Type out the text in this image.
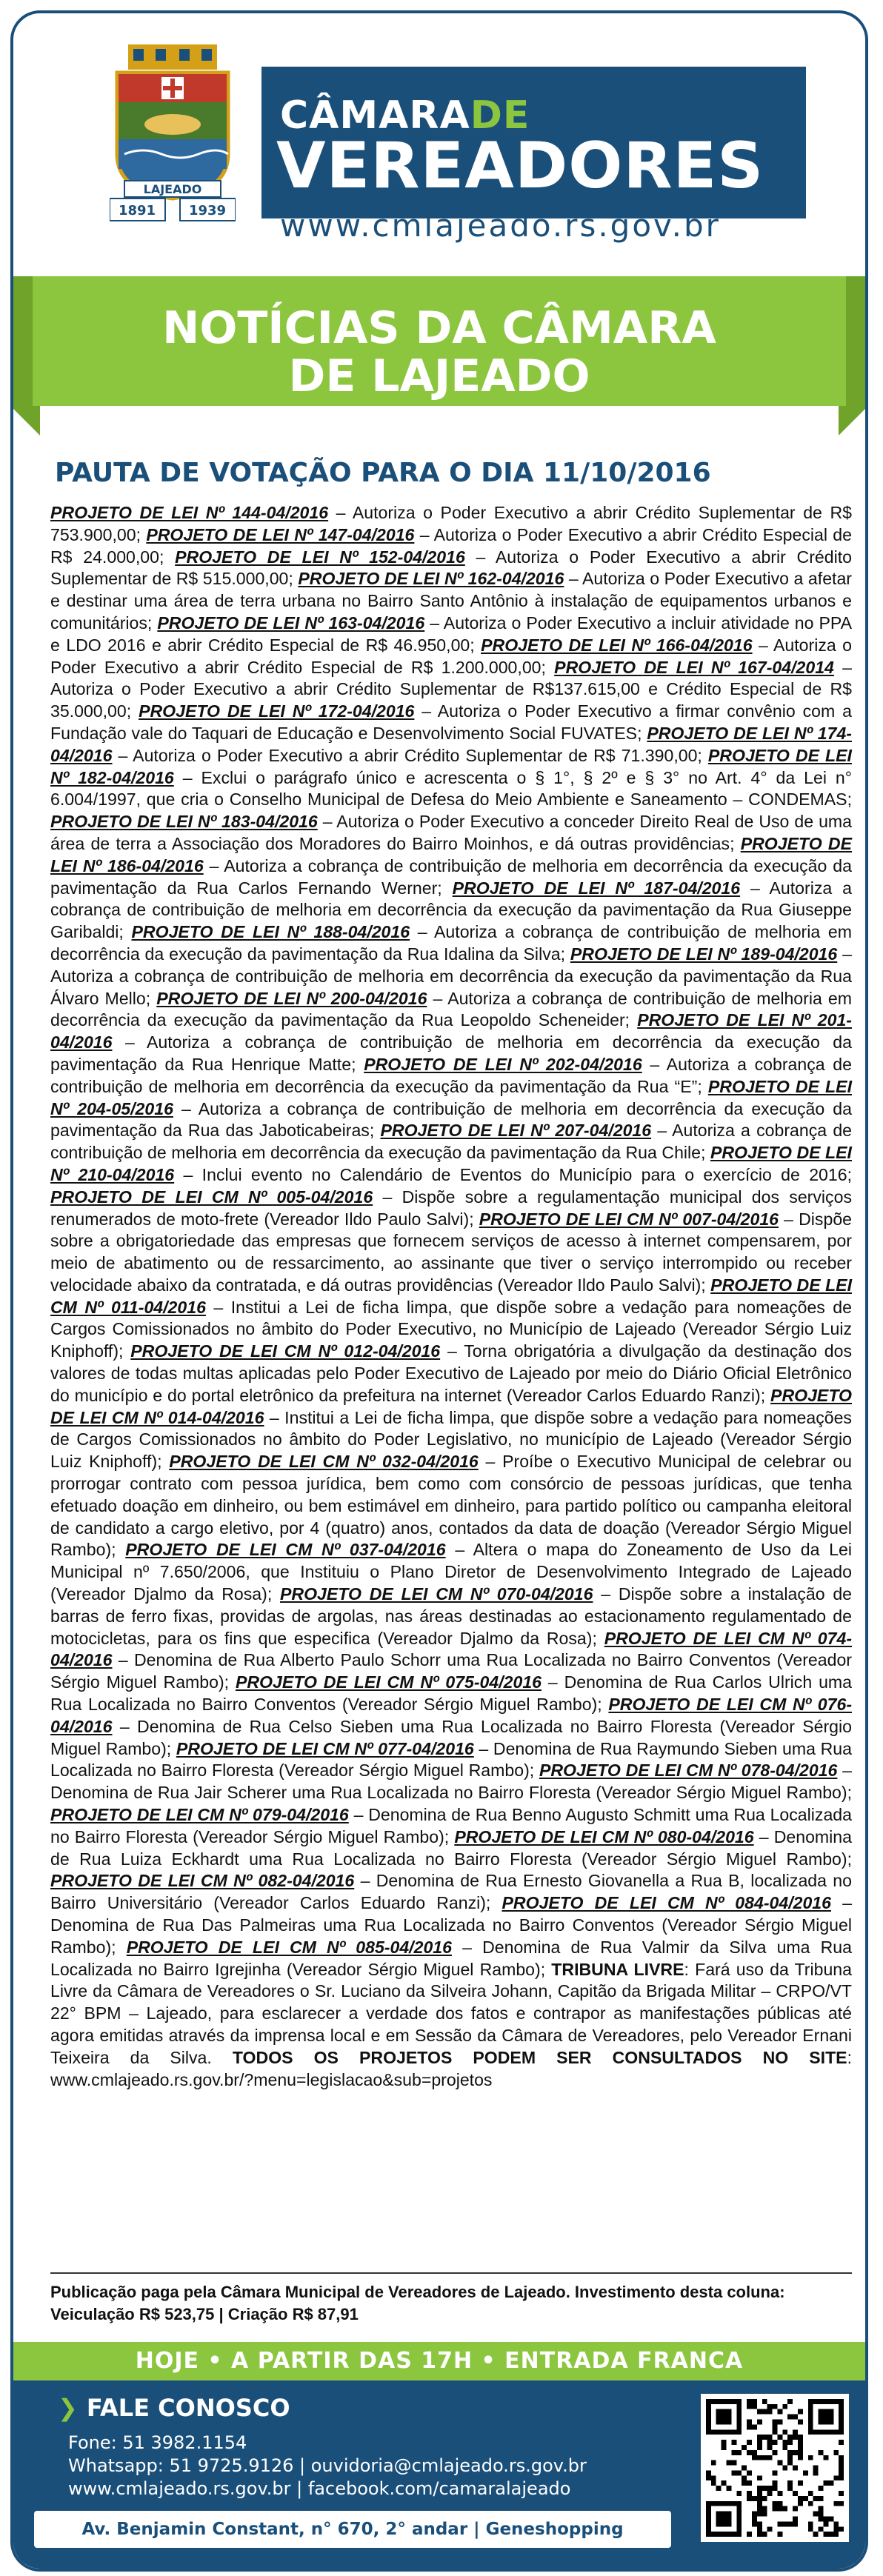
LAJEADO
1891 1939
CÂMARADE
VEREADORES
www.cmlajeado.rs.gov.br
NOTÍCIAS DA CÂMARA
DE LAJEADO
PAUTA DE VOTAÇÃO PARA O DIA 11/10/2016
PROJETO DE LEI Nº 144-04/2016 – Autoriza o Poder Executivo a abrir Crédito Suplementar de R$ 753.900,00; PROJETO DE LEI Nº 147-04/2016 – Autoriza o Poder Executivo a abrir Crédito Especial de R$ 24.000,00; PROJETO DE LEI Nº 152-04/2016 – Autoriza o Poder Executivo a abrir Crédito Suplementar de R$ 515.000,00; PROJETO DE LEI Nº 162-04/2016 – Autoriza o Poder Executivo a afetar e destinar uma área de terra urbana no Bairro Santo Antônio à instalação de equipamentos urbanos e comunitários; PROJETO DE LEI Nº 163-04/2016 – Autoriza o Poder Executivo a incluir atividade no PPA e LDO 2016 e abrir Crédito Especial de R$ 46.950,00; PROJETO DE LEI Nº 166-04/2016 – Autoriza o Poder Executivo a abrir Crédito Especial de R$ 1.200.000,00; PROJETO DE LEI Nº 167-04/2014 – Autoriza o Poder Executivo a abrir Crédito Suplementar de R$137.615,00 e Crédito Especial de R$ 35.000,00; PROJETO DE LEI Nº 172-04/2016 – Autoriza o Poder Executivo a firmar convênio com a Fundação vale do Taquari de Educação e Desenvolvimento Social FUVATES; PROJETO DE LEI Nº 174-04/2016 – Autoriza o Poder Executivo a abrir Crédito Suplementar de R$ 71.390,00; PROJETO DE LEI Nº 182-04/2016 – Exclui o parágrafo único e acrescenta o § 1°, § 2º e § 3° no Art. 4° da Lei n° 6.004/1997, que cria o Conselho Municipal de Defesa do Meio Ambiente e Saneamento – CONDEMAS; PROJETO DE LEI Nº 183-04/2016 – Autoriza o Poder Executivo a conceder Direito Real de Uso de uma área de terra a Associação dos Moradores do Bairro Moinhos, e dá outras providências; PROJETO DE LEI Nº 186-04/2016 – Autoriza a cobrança de contribuição de melhoria em decorrência da execução da pavimentação da Rua Carlos Fernando Werner; PROJETO DE LEI Nº 187-04/2016 – Autoriza a cobrança de contribuição de melhoria em decorrência da execução da pavimentação da Rua Giuseppe Garibaldi; PROJETO DE LEI Nº 188-04/2016 – Autoriza a cobrança de contribuição de melhoria em decorrência da execução da pavimentação da Rua Idalina da Silva; PROJETO DE LEI Nº 189-04/2016 – Autoriza a cobrança de contribuição de melhoria em decorrência da execução da pavimentação da Rua Álvaro Mello; PROJETO DE LEI Nº 200-04/2016 – Autoriza a cobrança de contribuição de melhoria em decorrência da execução da pavimentação da Rua Leopoldo Scheneider; PROJETO DE LEI Nº 201-04/2016 – Autoriza a cobrança de contribuição de melhoria em decorrência da execução da pavimentação da Rua Henrique Matte; PROJETO DE LEI Nº 202-04/2016 – Autoriza a cobrança de contribuição de melhoria em decorrência da execução da pavimentação da Rua “E”; PROJETO DE LEI Nº 204-05/2016 – Autoriza a cobrança de contribuição de melhoria em decorrência da execução da pavimentação da Rua das Jaboticabeiras; PROJETO DE LEI Nº 207-04/2016 – Autoriza a cobrança de contribuição de melhoria em decorrência da execução da pavimentação da Rua Chile; PROJETO DE LEI Nº 210-04/2016 – Inclui evento no Calendário de Eventos do Município para o exercício de 2016; PROJETO DE LEI CM Nº 005-04/2016 – Dispõe sobre a regulamentação municipal dos serviços renumerados de moto-frete (Vereador Ildo Paulo Salvi); PROJETO DE LEI CM Nº 007-04/2016 – Dispõe sobre a obrigatoriedade das empresas que fornecem serviços de acesso à internet compensarem, por meio de abatimento ou de ressarcimento, ao assinante que tiver o serviço interrompido ou receber velocidade abaixo da contratada, e dá outras providências (Vereador Ildo Paulo Salvi); PROJETO DE LEI CM Nº 011-04/2016 – Institui a Lei de ficha limpa, que dispõe sobre a vedação para nomeações de Cargos Comissionados no âmbito do Poder Executivo, no Município de Lajeado (Vereador Sérgio Luiz Kniphoff); PROJETO DE LEI CM Nº 012-04/2016 – Torna obrigatória a divulgação da destinação dos valores de todas multas aplicadas pelo Poder Executivo de Lajeado por meio do Diário Oficial Eletrônico do município e do portal eletrônico da prefeitura na internet (Vereador Carlos Eduardo Ranzi); PROJETO DE LEI CM Nº 014-04/2016 – Institui a Lei de ficha limpa, que dispõe sobre a vedação para nomeações de Cargos Comissionados no âmbito do Poder Legislativo, no município de Lajeado (Vereador Sérgio Luiz Kniphoff); PROJETO DE LEI CM Nº 032-04/2016 – Proíbe o Executivo Municipal de celebrar ou prorrogar contrato com pessoa jurídica, bem como com consórcio de pessoas jurídicas, que tenha efetuado doação em dinheiro, ou bem estimável em dinheiro, para partido político ou campanha eleitoral de candidato a cargo eletivo, por 4 (quatro) anos, contados da data de doação (Vereador Sérgio Miguel Rambo); PROJETO DE LEI CM Nº 037-04/2016 – Altera o mapa do Zoneamento de Uso da Lei Municipal nº 7.650/2006, que Instituiu o Plano Diretor de Desenvolvimento Integrado de Lajeado (Vereador Djalmo da Rosa); PROJETO DE LEI CM Nº 070-04/2016 – Dispõe sobre a instalação de barras de ferro fixas, providas de argolas, nas áreas destinadas ao estacionamento regulamentado de motocicletas, para os fins que especifica (Vereador Djalmo da Rosa); PROJETO DE LEI CM Nº 074-04/2016 – Denomina de Rua Alberto Paulo Schorr uma Rua Localizada no Bairro Conventos (Vereador Sérgio Miguel Rambo); PROJETO DE LEI CM Nº 075-04/2016 – Denomina de Rua Carlos Ulrich uma Rua Localizada no Bairro Conventos (Vereador Sérgio Miguel Rambo); PROJETO DE LEI CM Nº 076-04/2016 – Denomina de Rua Celso Sieben uma Rua Localizada no Bairro Floresta (Vereador Sérgio Miguel Rambo); PROJETO DE LEI CM Nº 077-04/2016 – Denomina de Rua Raymundo Sieben uma Rua Localizada no Bairro Floresta (Vereador Sérgio Miguel Rambo); PROJETO DE LEI CM Nº 078-04/2016 – Denomina de Rua Jair Scherer uma Rua Localizada no Bairro Floresta (Vereador Sérgio Miguel Rambo); PROJETO DE LEI CM Nº 079-04/2016 – Denomina de Rua Benno Augusto Schmitt uma Rua Localizada no Bairro Floresta (Vereador Sérgio Miguel Rambo); PROJETO DE LEI CM Nº 080-04/2016 – Denomina de Rua Luiza Eckhardt uma Rua Localizada no Bairro Floresta (Vereador Sérgio Miguel Rambo); PROJETO DE LEI CM Nº 082-04/2016 – Denomina de Rua Ernesto Giovanella a Rua B, localizada no Bairro Universitário (Vereador Carlos Eduardo Ranzi); PROJETO DE LEI CM Nº 084-04/2016 – Denomina de Rua Das Palmeiras uma Rua Localizada no Bairro Conventos (Vereador Sérgio Miguel Rambo); PROJETO DE LEI CM Nº 085-04/2016 – Denomina de Rua Valmir da Silva uma Rua Localizada no Bairro Igrejinha (Vereador Sérgio Miguel Rambo); TRIBUNA LIVRE: Fará uso da Tribuna Livre da Câmara de Vereadores o Sr. Luciano da Silveira Johann, Capitão da Brigada Militar – CRPO/VT 22° BPM – Lajeado, para esclarecer a verdade dos fatos e contrapor as manifestações públicas até agora emitidas através da imprensa local e em Sessão da Câmara de Vereadores, pelo Vereador Ernani Teixeira da Silva. TODOS OS PROJETOS PODEM SER CONSULTADOS NO SITE: www.cmlajeado.rs.gov.br/?menu=legislacao&sub=projetos
Publicação paga pela Câmara Municipal de Vereadores de Lajeado. Investimento desta coluna:
Veiculação R$ 523,75 | Criação R$ 87,91
HOJE • A PARTIR DAS 17H • ENTRADA FRANCA
❯ FALE CONOSCO
Fone: 51 3982.1154
Whatsapp: 51 9725.9126 | ouvidoria@cmlajeado.rs.gov.br
www.cmlajeado.rs.gov.br | facebook.com/camaralajeado
Av. Benjamin Constant, n° 670, 2° andar | Geneshopping
